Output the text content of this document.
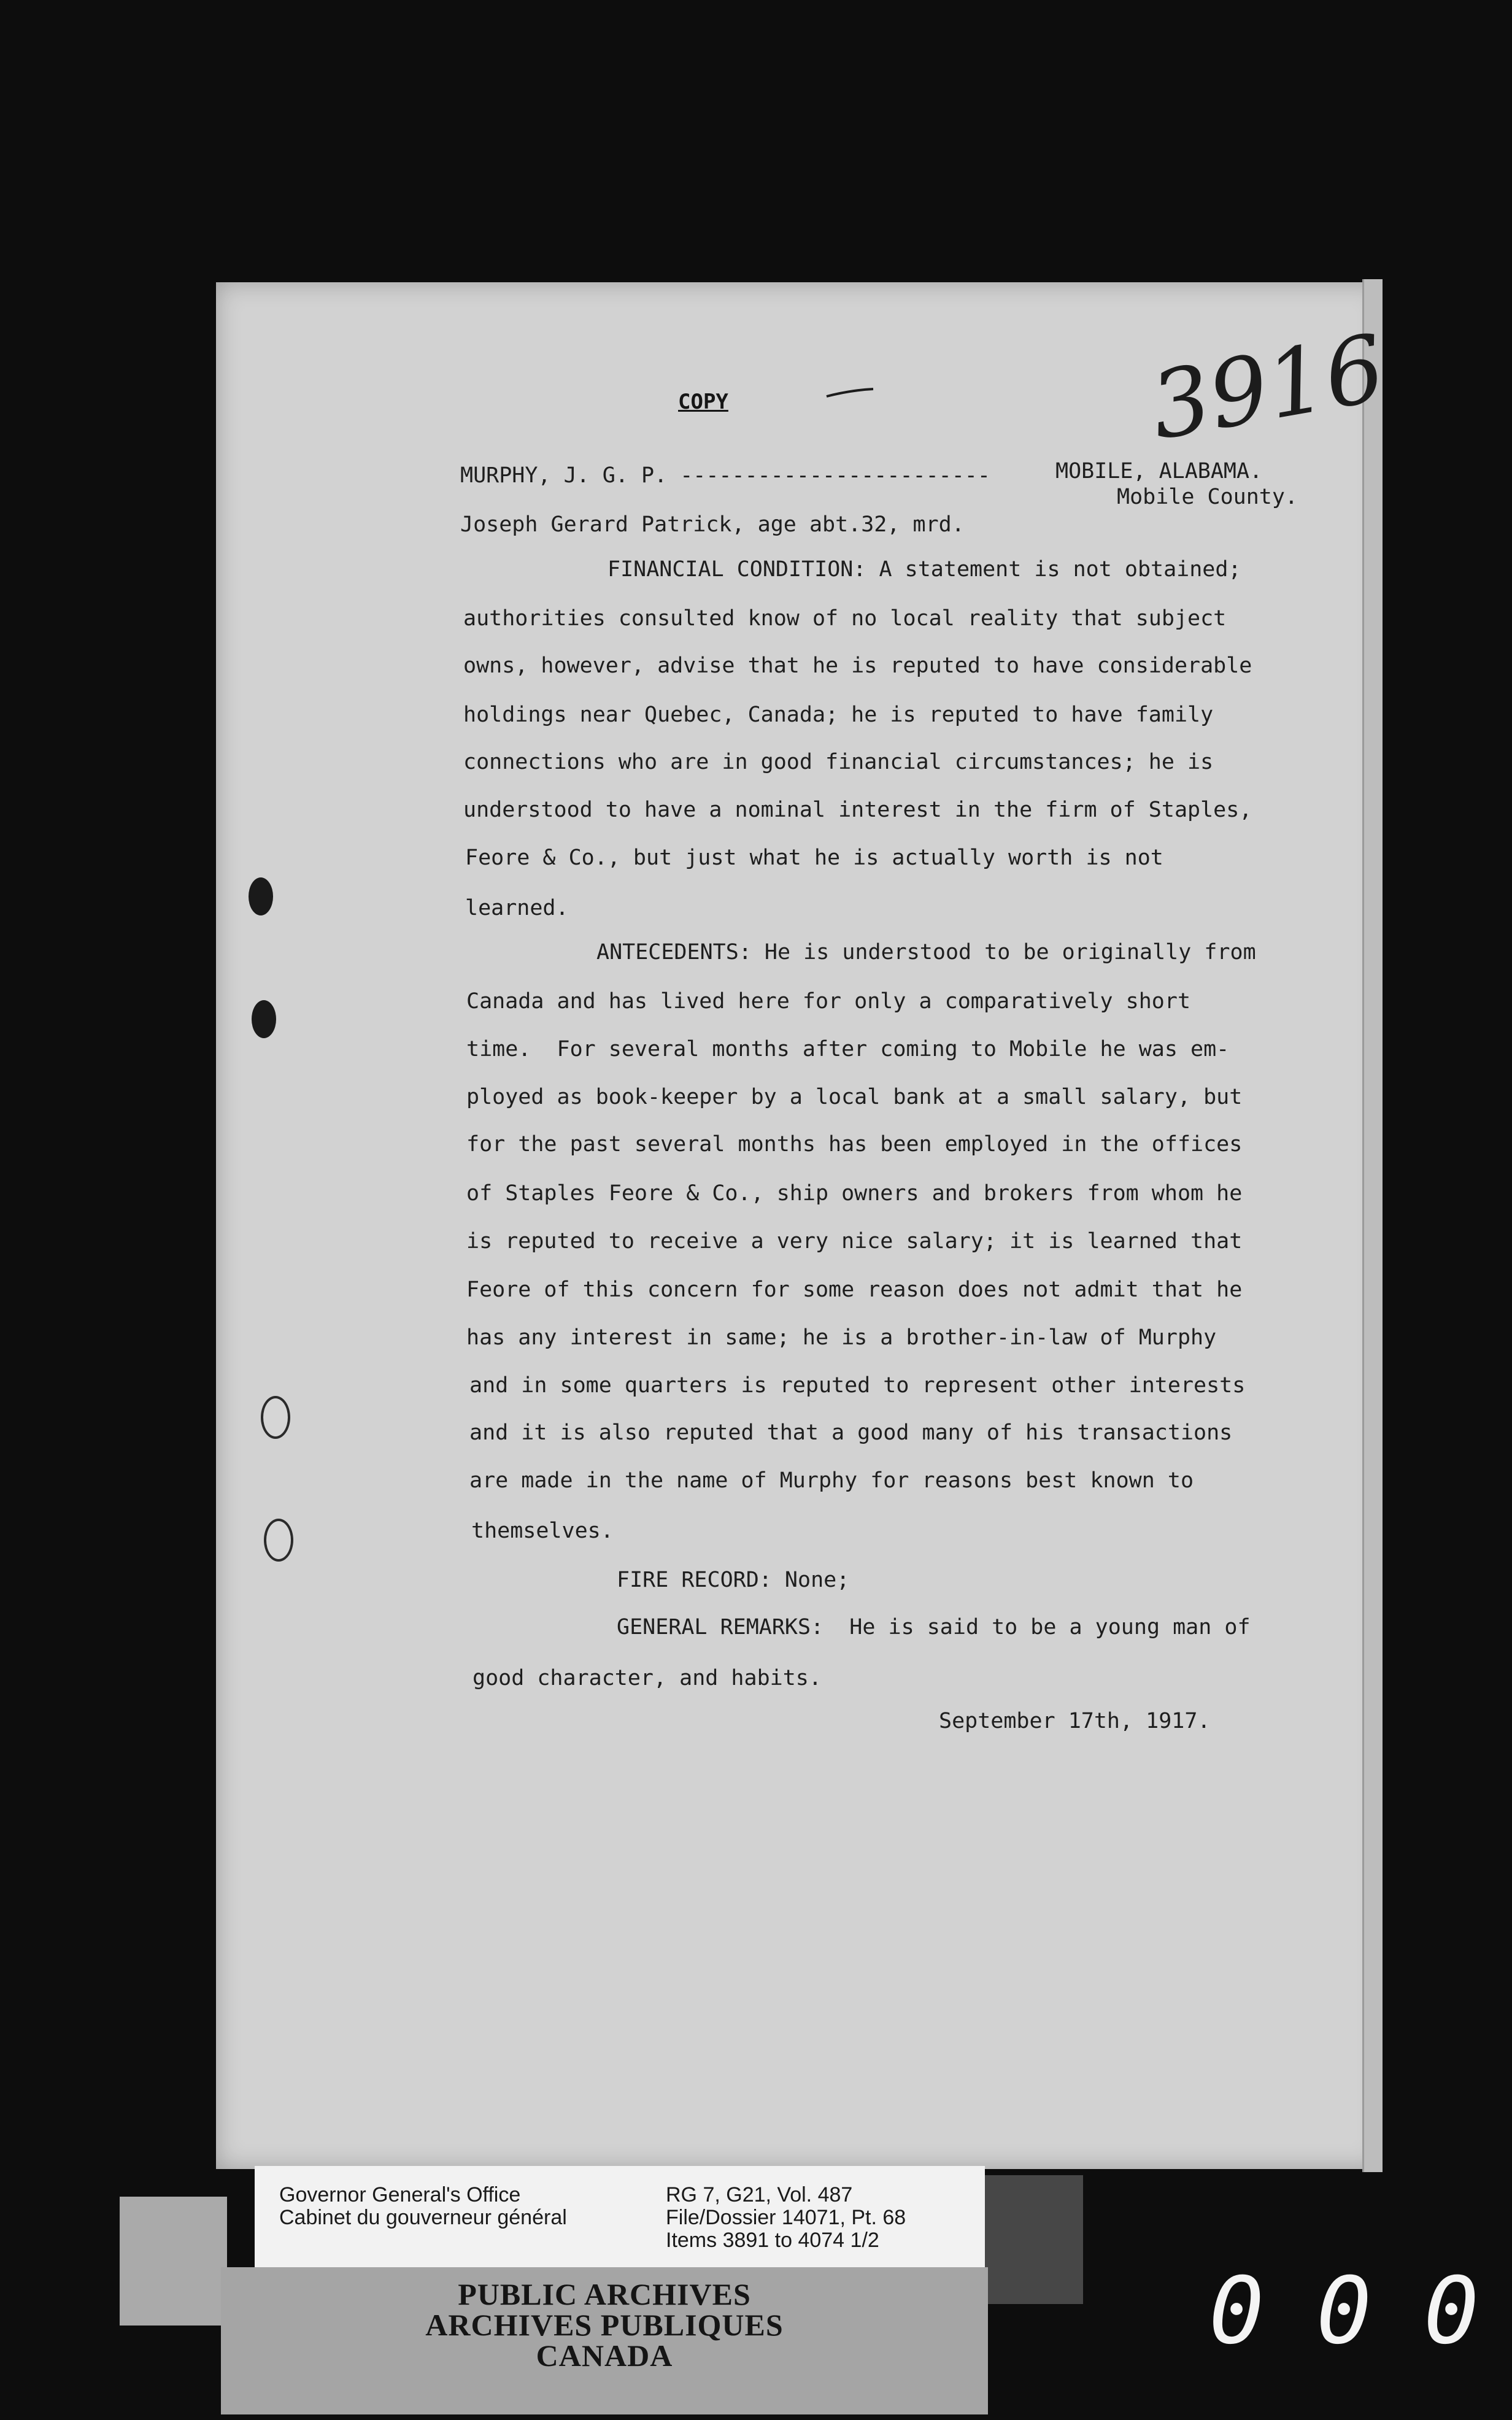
COPY	3916
MURPHY, J. G. P. ------------------------	MOBILE, ALABAMA.
Mobile County.
Joseph Gerard Patrick, age abt.32, mrd.
FINANCIAL CONDITION: A statement is not obtained;
authorities consulted know of no local reality that subject
owns, however, advise that he is reputed to have considerable
holdings near Quebec, Canada; he is reputed to have family
connections who are in good financial circumstances; he is
understood to have a nominal interest in the firm of Staples,
Feore & Co., but just what he is actually worth is not
learned.
ANTECEDENTS: He is understood to be originally from
Canada and has lived here for only a comparatively short
time.  For several months after coming to Mobile he was em-
ployed as book-keeper by a local bank at a small salary, but
for the past several months has been employed in the offices
of Staples Feore & Co., ship owners and brokers from whom he
is reputed to receive a very nice salary; it is learned that
Feore of this concern for some reason does not admit that he
has any interest in same; he is a brother-in-law of Murphy
and in some quarters is reputed to represent other interests
and it is also reputed that a good many of his transactions
are made in the name of Murphy for reasons best known to
themselves.
FIRE RECORD: None;
GENERAL REMARKS:  He is said to be a young man of
good character, and habits.
September 17th, 1917.
Governor General's Office
Cabinet du gouverneur général
RG 7, G21, Vol. 487
File/Dossier 14071, Pt. 68
Items 3891 to 4074 1/2
PUBLIC ARCHIVES
ARCHIVES PUBLIQUES
CANADA	0 0 0
